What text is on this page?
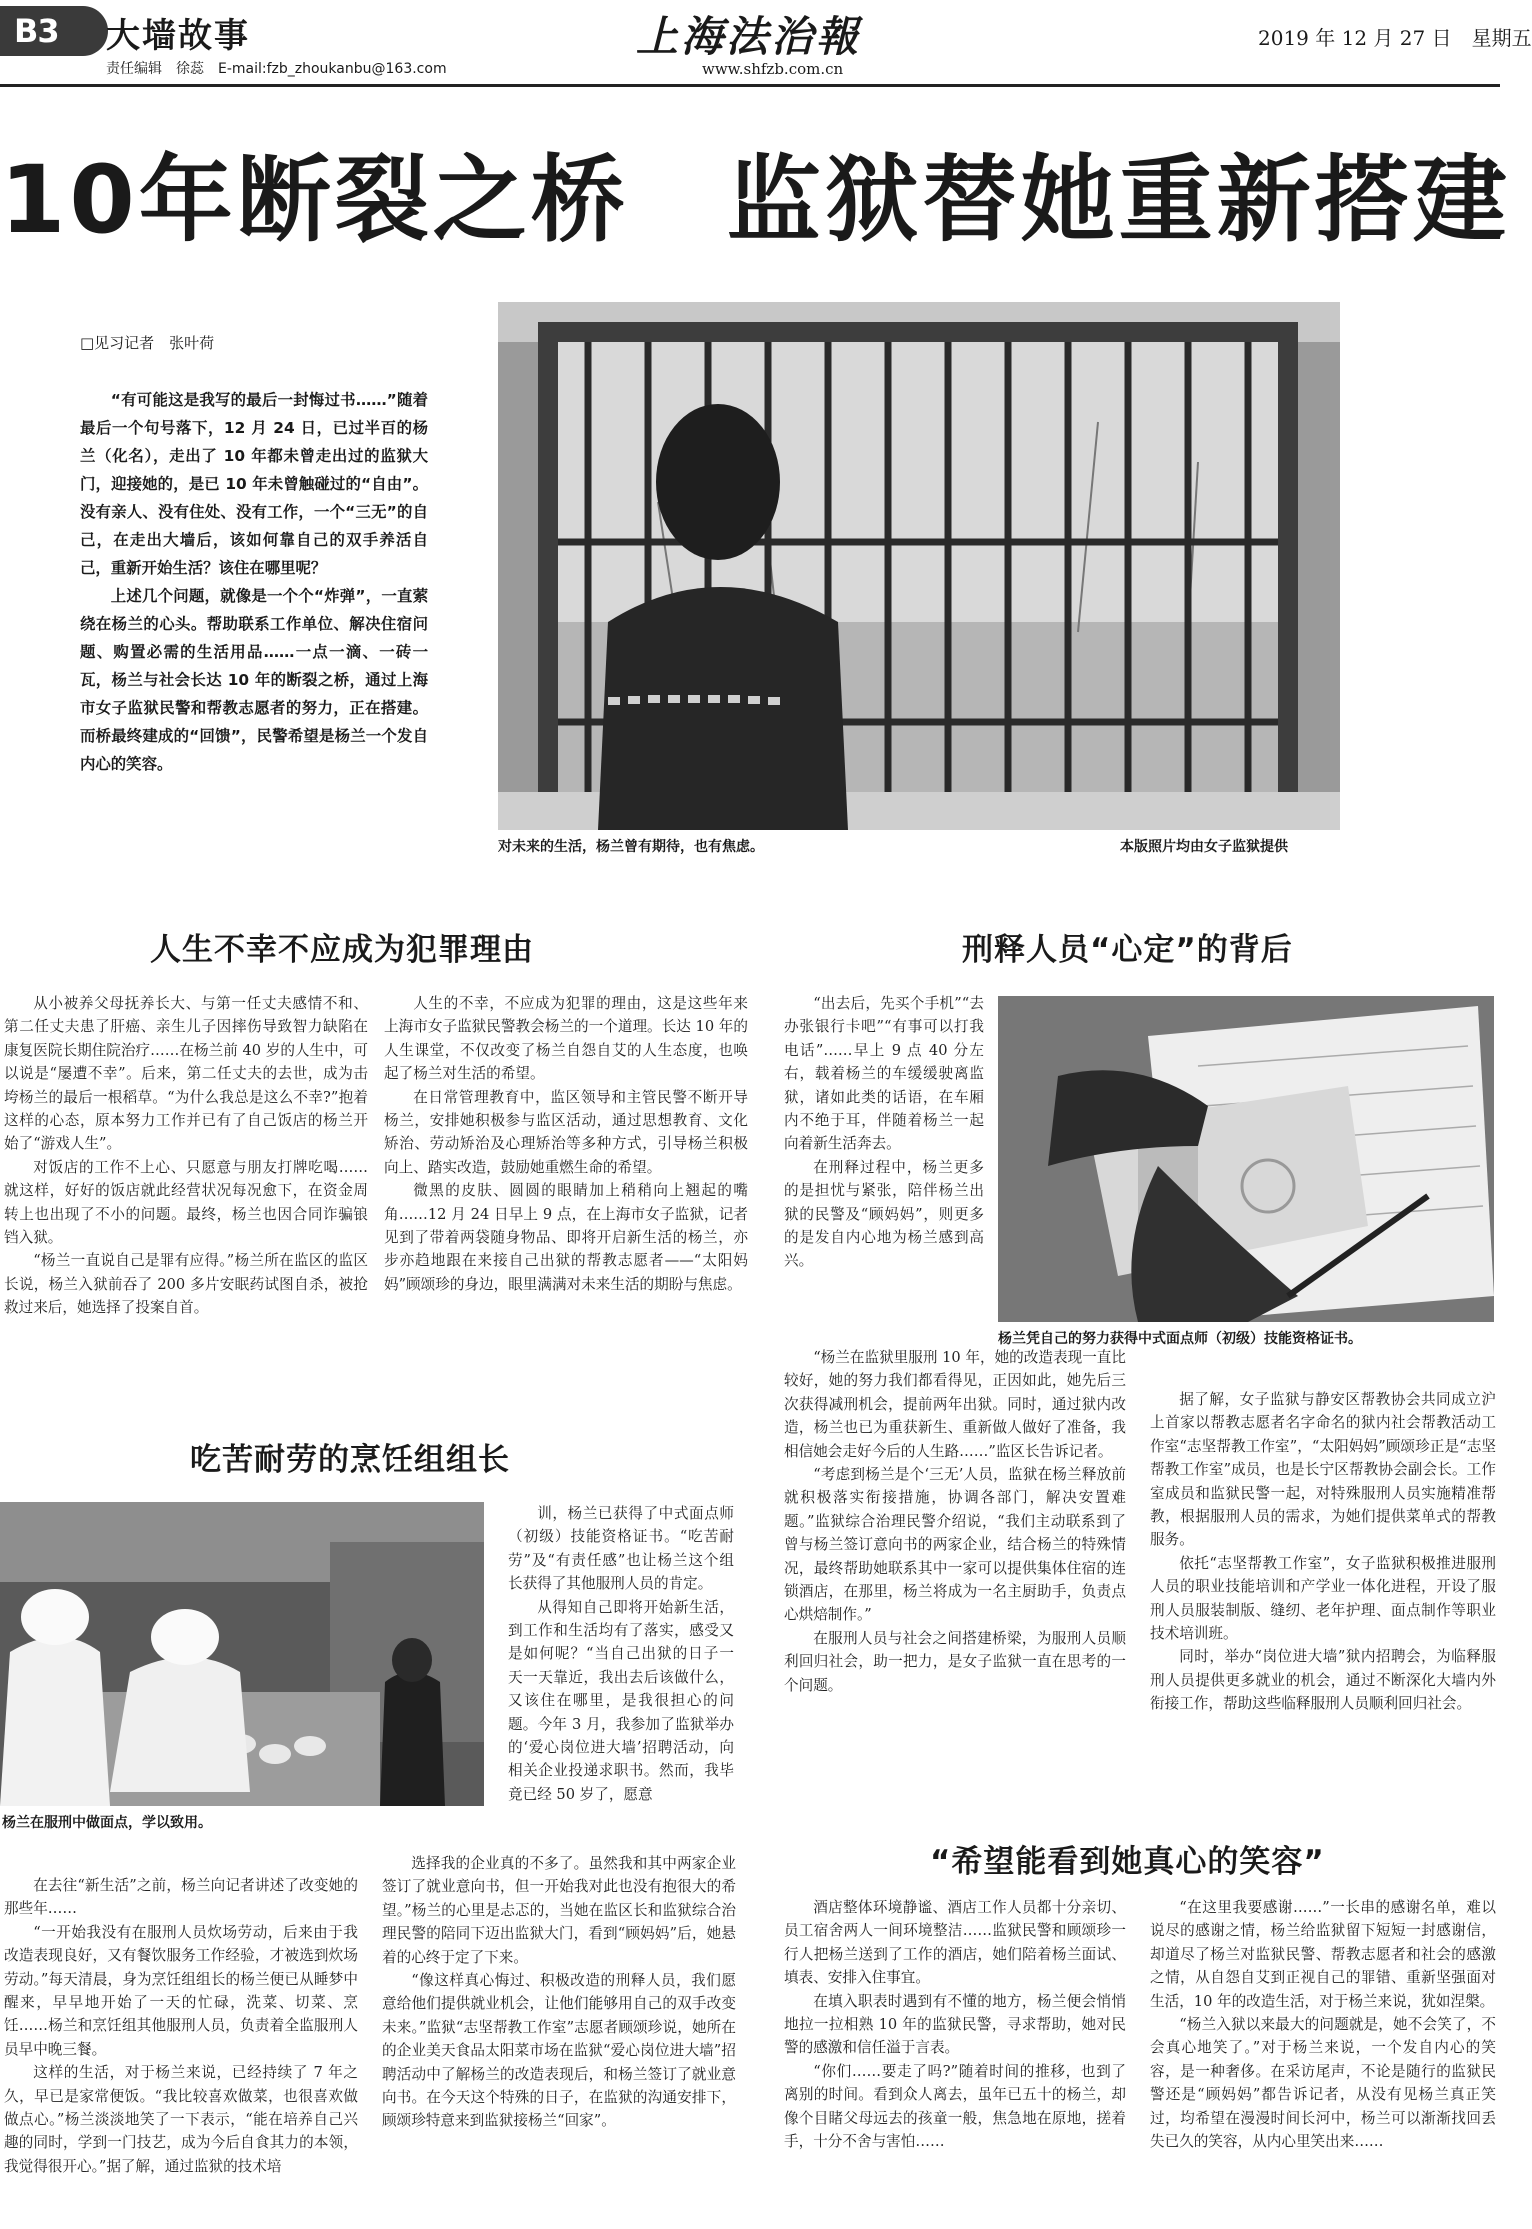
B3	大墙故事
责任编辑　徐蕊　E-mail:fzb_zhoukanbu@163.com
上海法治報
www.shfzb.com.cn
2019 年 12 月 27 日　星期五
10年断裂之桥　监狱替她重新搭建
□见习记者　张叶荷

“有可能这是我写的最后一封悔过书……”随着最后一个句号落下，12 月 24 日，已过半百的杨兰（化名），走出了 10 年都未曾走出过的监狱大门，迎接她的，是已 10 年未曾触碰过的“自由”。没有亲人、没有住处、没有工作，一个“三无”的自己，在走出大墙后，该如何靠自己的双手养活自己，重新开始生活？该住在哪里呢？

上述几个问题，就像是一个个“炸弹”，一直萦绕在杨兰的心头。帮助联系工作单位、解决住宿问题、购置必需的生活用品……一点一滴、一砖一瓦，杨兰与社会长达 10 年的断裂之桥，通过上海市女子监狱民警和帮教志愿者的努力，正在搭建。而桥最终建成的“回馈”，民警希望是杨兰一个发自内心的笑容。

对未来的生活，杨兰曾有期待，也有焦虑。	本版照片均由女子监狱提供
人生不幸不应成为犯罪理由

从小被养父母抚养长大、与第一任丈夫感情不和、第二任丈夫患了肝癌、亲生儿子因摔伤导致智力缺陷在康复医院长期住院治疗……在杨兰前 40 岁的人生中，可以说是“屡遭不幸”。后来，第二任丈夫的去世，成为击垮杨兰的最后一根稻草。“为什么我总是这么不幸?”抱着这样的心态，原本努力工作并已有了自己饭店的杨兰开始了“游戏人生”。

对饭店的工作不上心、只愿意与朋友打牌吃喝……就这样，好好的饭店就此经营状况每况愈下，在资金周转上也出现了不小的问题。最终，杨兰也因合同诈骗锒铛入狱。

“杨兰一直说自己是罪有应得。”杨兰所在监区的监区长说，杨兰入狱前吞了 200 多片安眠药试图自杀，被抢救过来后，她选择了投案自首。

人生的不幸，不应成为犯罪的理由，这是这些年来上海市女子监狱民警教会杨兰的一个道理。长达 10 年的人生课堂，不仅改变了杨兰自怨自艾的人生态度，也唤起了杨兰对生活的希望。

在日常管理教育中，监区领导和主管民警不断开导杨兰，安排她积极参与监区活动，通过思想教育、文化矫治、劳动矫治及心理矫治等多种方式，引导杨兰积极向上、踏实改造，鼓励她重燃生命的希望。

微黑的皮肤、圆圆的眼睛加上稍稍向上翘起的嘴角……12 月 24 日早上 9 点，在上海市女子监狱，记者见到了带着两袋随身物品、即将开启新生活的杨兰，亦步亦趋地跟在来接自己出狱的帮教志愿者——“太阳妈妈”顾颂珍的身边，眼里满满对未来生活的期盼与焦虑。

刑释人员“心定”的背后

“出去后，先买个手机”“去办张银行卡吧”“有事可以打我电话”……早上 9 点 40 分左右，载着杨兰的车缓缓驶离监狱，诸如此类的话语，在车厢内不绝于耳，伴随着杨兰一起向着新生活奔去。

在刑释过程中，杨兰更多的是担忧与紧张，陪伴杨兰出狱的民警及“顾妈妈”，则更多的是发自内心地为杨兰感到高兴。

杨兰凭自己的努力获得中式面点师（初级）技能资格证书。

“杨兰在监狱里服刑 10 年，她的改造表现一直比较好，她的努力我们都看得见，正因如此，她先后三次获得减刑机会，提前两年出狱。同时，通过狱内改造，杨兰也已为重获新生、重新做人做好了准备，我相信她会走好今后的人生路……”监区长告诉记者。

“考虑到杨兰是个‘三无’人员，监狱在杨兰释放前就积极落实衔接措施，协调各部门，解决安置难题。”监狱综合治理民警介绍说，“我们主动联系到了曾与杨兰签订意向书的两家企业，结合杨兰的特殊情况，最终帮助她联系其中一家可以提供集体住宿的连锁酒店，在那里，杨兰将成为一名主厨助手，负责点心烘焙制作。”

在服刑人员与社会之间搭建桥梁，为服刑人员顺利回归社会，助一把力，是女子监狱一直在思考的一个问题。

据了解，女子监狱与静安区帮教协会共同成立沪上首家以帮教志愿者名字命名的狱内社会帮教活动工作室“志坚帮教工作室”，“太阳妈妈”顾颂珍正是“志坚帮教工作室”成员，也是长宁区帮教协会副会长。工作室成员和监狱民警一起，对特殊服刑人员实施精准帮教，根据服刑人员的需求，为她们提供菜单式的帮教服务。

依托“志坚帮教工作室”，女子监狱积极推进服刑人员的职业技能培训和产学业一体化进程，开设了服刑人员服装制版、缝纫、老年护理、面点制作等职业技术培训班。

同时，举办“岗位进大墙”狱内招聘会，为临释服刑人员提供更多就业的机会，通过不断深化大墙内外衔接工作，帮助这些临释服刑人员顺利回归社会。

吃苦耐劳的烹饪组组长
杨兰在服刑中做面点，学以致用。

训，杨兰已获得了中式面点师（初级）技能资格证书。“吃苦耐劳”及“有责任感”也让杨兰这个组长获得了其他服刑人员的肯定。

从得知自己即将开始新生活，到工作和生活均有了落实，感受又是如何呢？“当自己出狱的日子一天一天靠近，我出去后该做什么，又该住在哪里，是我很担心的问题。今年 3 月，我参加了监狱举办的‘爱心岗位进大墙’招聘活动，向相关企业投递求职书。然而，我毕竟已经 50 岁了，愿意

在去往“新生活”之前，杨兰向记者讲述了改变她的那些年……

“一开始我没有在服刑人员炊场劳动，后来由于我改造表现良好，又有餐饮服务工作经验，才被选到炊场劳动。”每天清晨，身为烹饪组组长的杨兰便已从睡梦中醒来，早早地开始了一天的忙碌，洗菜、切菜、烹饪……杨兰和烹饪组其他服刑人员，负责着全监服刑人员早中晚三餐。

这样的生活，对于杨兰来说，已经持续了 7 年之久，早已是家常便饭。“我比较喜欢做菜，也很喜欢做做点心。”杨兰淡淡地笑了一下表示，“能在培养自己兴趣的同时，学到一门技艺，成为今后自食其力的本领，我觉得很开心。”据了解，通过监狱的技术培

选择我的企业真的不多了。虽然我和其中两家企业签订了就业意向书，但一开始我对此也没有抱很大的希望。”杨兰的心里是忐忑的，当她在监区长和监狱综合治理民警的陪同下迈出监狱大门，看到“顾妈妈”后，她悬着的心终于定了下来。

“像这样真心悔过、积极改造的刑释人员，我们愿意给他们提供就业机会，让他们能够用自己的双手改变未来。”监狱“志坚帮教工作室”志愿者顾颂珍说，她所在的企业美天食品太阳菜市场在监狱“爱心岗位进大墙”招聘活动中了解杨兰的改造表现后，和杨兰签订了就业意向书。在今天这个特殊的日子，在监狱的沟通安排下，顾颂珍特意来到监狱接杨兰“回家”。

“希望能看到她真心的笑容”

酒店整体环境静谧、酒店工作人员都十分亲切、员工宿舍两人一间环境整洁……监狱民警和顾颂珍一行人把杨兰送到了工作的酒店，她们陪着杨兰面试、填表、安排入住事宜。

在填入职表时遇到有不懂的地方，杨兰便会悄悄地拉一拉相熟 10 年的监狱民警，寻求帮助，她对民警的感激和信任溢于言表。

“你们……要走了吗?”随着时间的推移，也到了离别的时间。看到众人离去，虽年已五十的杨兰，却像个目睹父母远去的孩童一般，焦急地在原地，搓着手，十分不舍与害怕……

“在这里我要感谢……”一长串的感谢名单，难以说尽的感谢之情，杨兰给监狱留下短短一封感谢信，却道尽了杨兰对监狱民警、帮教志愿者和社会的感激之情，从自怨自艾到正视自己的罪错、重新坚强面对生活，10 年的改造生活，对于杨兰来说，犹如涅槃。

“杨兰入狱以来最大的问题就是，她不会笑了，不会真心地笑了。”对于杨兰来说，一个发自内心的笑容，是一种奢侈。在采访尾声，不论是随行的监狱民警还是“顾妈妈”都告诉记者，从没有见杨兰真正笑过，均希望在漫漫时间长河中，杨兰可以渐渐找回丢失已久的笑容，从内心里笑出来……
